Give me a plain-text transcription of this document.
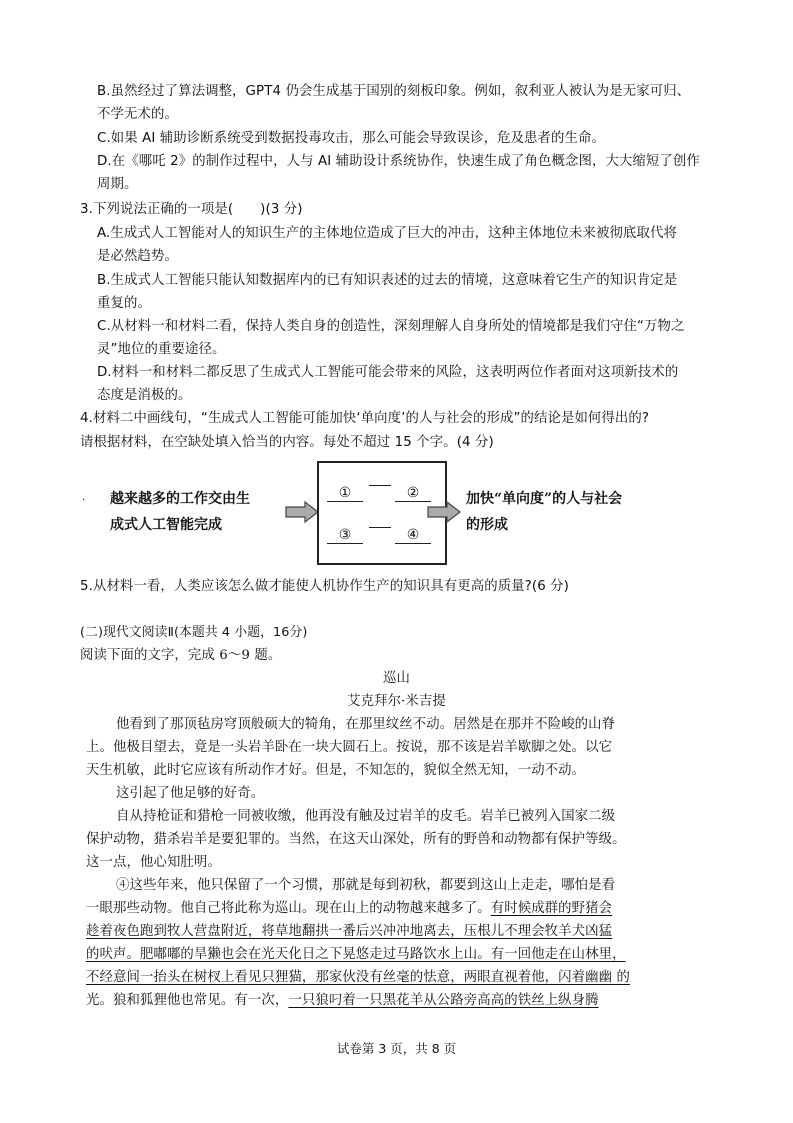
B.虽然经过了算法调整，GPT4 仍会生成基于国别的刻板印象。例如，叙利亚人被认为是无家可归、
不学无术的。
C.如果 AI 辅助诊断系统受到数据投毒攻击，那么可能会导致误诊，危及患者的生命。
D.在《哪吒 2》的制作过程中，人与 AI 辅助设计系统协作，快速生成了角色概念图，大大缩短了创作
周期。
3.下列说法正确的一项是(　　)(3 分)
A.生成式人工智能对人的知识生产的主体地位造成了巨大的冲击，这种主体地位未来被彻底取代将
是必然趋势。
B.生成式人工智能只能认知数据库内的已有知识表述的过去的情境，这意味着它生产的知识肯定是
重复的。
C.从材料一和材料二看，保持人类自身的创造性，深刻理解人自身所处的情境都是我们守住“万物之
灵”地位的重要途径。
D.材料一和材料二都反思了生成式人工智能可能会带来的风险，这表明两位作者面对这项新技术的
态度是消极的。
4.材料二中画线句，“生成式人工智能可能加快‘单向度’的人与社会的形成”的结论是如何得出的?
请根据材料，在空缺处填入恰当的内容。每处不超过 15 个字。(4 分)
· 越来越多的工作交由生
成式人工智能完成
①	②
③	④
加快“单向度”的人与社会
的形成
5.从材料一看，人类应该怎么做才能使人机协作生产的知识具有更高的质量?(6 分)
(二)现代文阅读Ⅱ(本题共 4 小题，16分)
阅读下面的文字，完成 6～9 题。
巡山
艾克拜尔·米吉提
他看到了那顶毡房穹顶般硕大的犄角，在那里纹丝不动。居然是在那并不险峻的山脊
上。他极目望去，竟是一头岩羊卧在一块大圆石上。按说，那不该是岩羊歇脚之处。以它
天生机敏，此时它应该有所动作才好。但是，不知怎的，貌似全然无知，一动不动。
这引起了他足够的好奇。
自从持枪证和猎枪一同被收缴，他再没有触及过岩羊的皮毛。岩羊已被列入国家二级
保护动物，猎杀岩羊是要犯罪的。当然，在这天山深处，所有的野兽和动物都有保护等级。
这一点，他心知肚明。
④这些年来，他只保留了一个习惯，那就是每到初秋，都要到这山上走走，哪怕是看
一眼那些动物。他自己将此称为巡山。现在山上的动物越来越多了。有时候成群的野猪会
趁着夜色跑到牧人营盘附近，将草地翻拱一番后兴冲冲地离去，压根儿不理会牧羊犬凶猛
的吠声。肥嘟嘟的旱獭也会在光天化日之下晃悠走过马路饮水上山。有一回他走在山林里，
不经意间一抬头在树杈上看见只狸猫，那家伙没有丝毫的怯意，两眼直视着他，闪着幽幽 的
光。狼和狐狸他也常见。有一次，一只狼叼着一只黑花羊从公路旁高高的铁丝上纵身腾
试卷第 3 页，共 8 页
